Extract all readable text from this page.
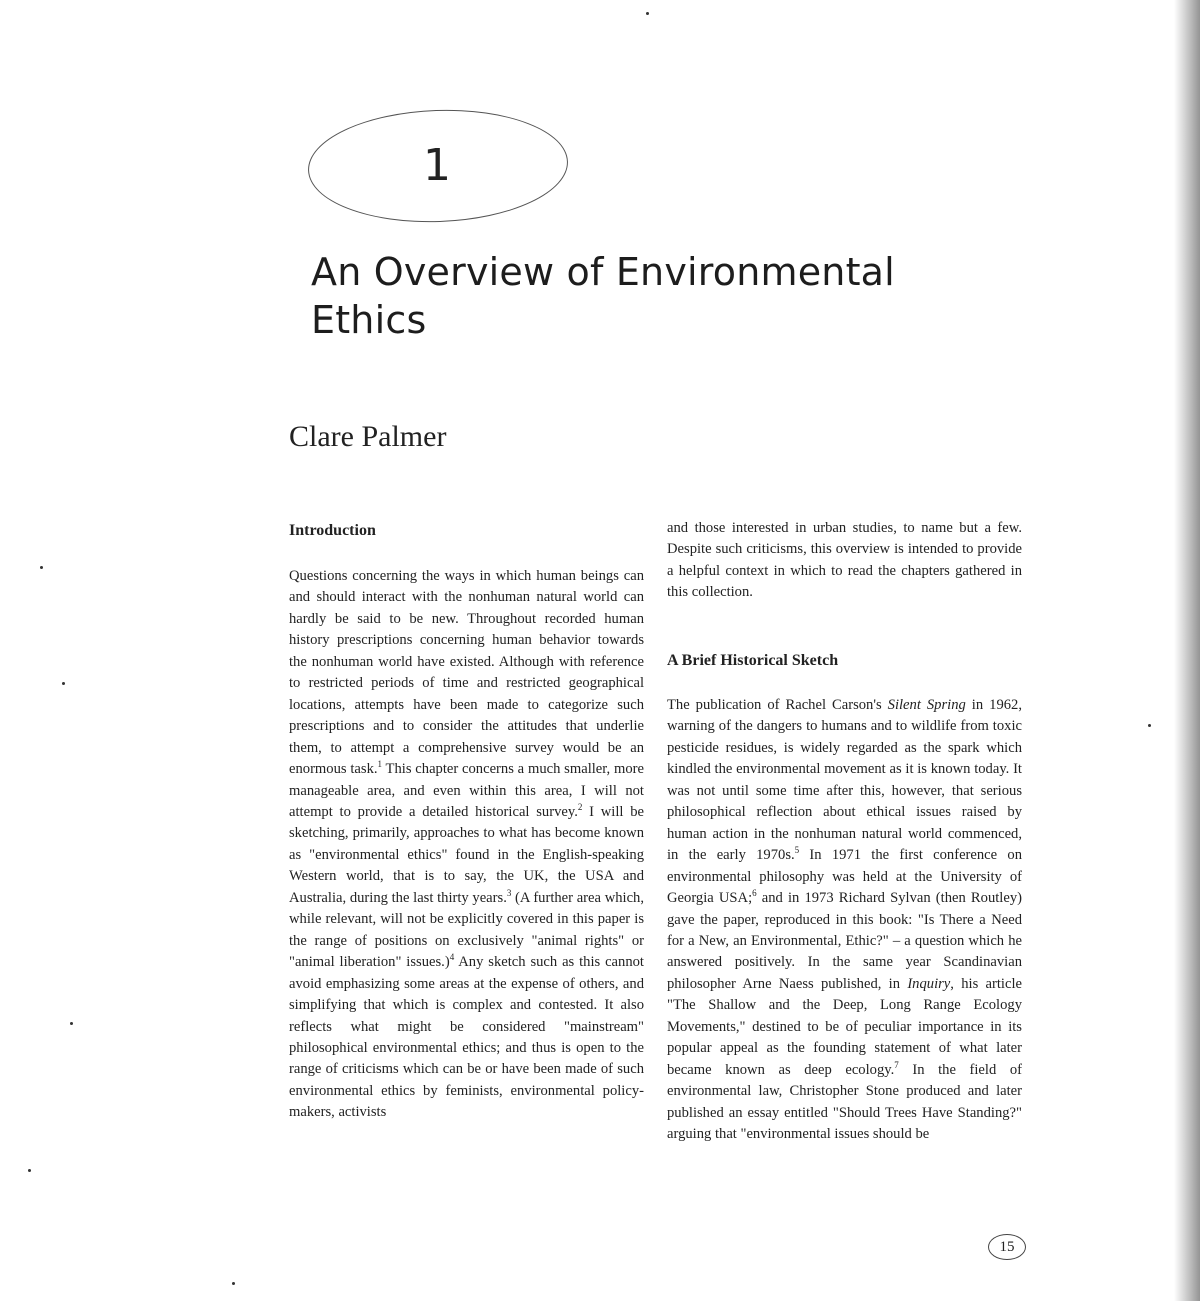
1
An Overview of Environmental Ethics
Clare Palmer
Introduction

Questions concerning the ways in which human beings can and should interact with the nonhuman natural world can hardly be said to be new. Throughout recorded human history prescriptions concerning human behavior towards the nonhuman world have existed. Although with reference to restricted periods of time and restricted geographical locations, attempts have been made to categorize such prescriptions and to consider the attitudes that underlie them, to attempt a comprehensive survey would be an enormous task.$^1$ This chapter concerns a much smaller, more manageable area, and even within this area, I will not attempt to provide a detailed historical survey.$^2$ I will be sketching, primarily, approaches to what has become known as "environmental ethics" found in the English-speaking Western world, that is to say, the UK, the USA and Australia, during the last thirty years.$^3$ (A further area which, while relevant, will not be explicitly covered in this paper is the range of positions on exclusively "animal rights" or "animal liberation" issues.)$^4$ Any sketch such as this cannot avoid emphasizing some areas at the expense of others, and simplifying that which is complex and contested. It also reflects what might be considered "mainstream" philosophical environmental ethics; and thus is open to the range of criticisms which can be or have been made of such environmental ethics by feminists, environmental policy-makers, activists

and those interested in urban studies, to name but a few. Despite such criticisms, this overview is intended to provide a helpful context in which to read the chapters gathered in this collection.

A Brief Historical Sketch

The publication of Rachel Carson's Silent Spring in 1962, warning of the dangers to humans and to wildlife from toxic pesticide residues, is widely regarded as the spark which kindled the environmental movement as it is known today. It was not until some time after this, however, that serious philosophical reflection about ethical issues raised by human action in the nonhuman natural world commenced, in the early 1970s.$^5$ In 1971 the first conference on environmental philosophy was held at the University of Georgia USA;$^6$ and in 1973 Richard Sylvan (then Routley) gave the paper, reproduced in this book: "Is There a Need for a New, an Environmental, Ethic?" – a question which he answered positively. In the same year Scandinavian philosopher Arne Naess published, in Inquiry, his article "The Shallow and the Deep, Long Range Ecology Movements," destined to be of peculiar importance in its popular appeal as the founding statement of what later became known as deep ecology.$^7$ In the field of environmental law, Christopher Stone produced and later published an essay entitled "Should Trees Have Standing?" arguing that "environmental issues should be

15
